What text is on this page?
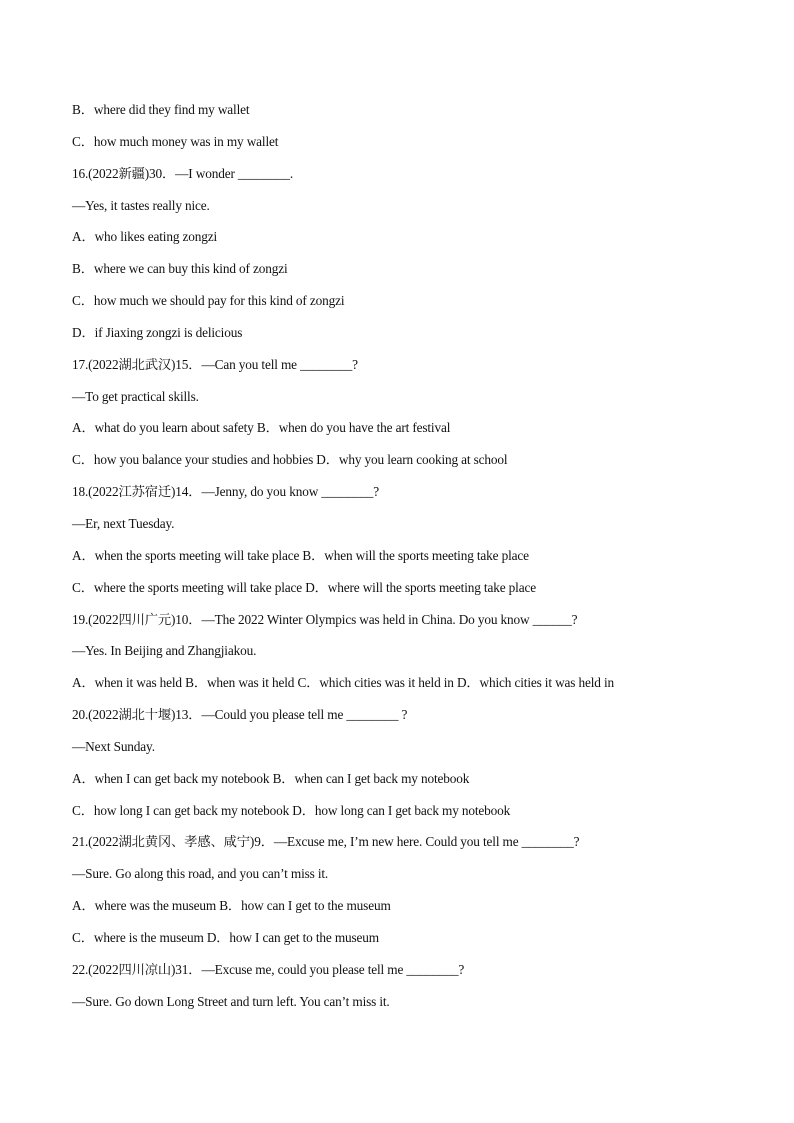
B．where did they find my wallet
C．how much money was in my wallet
16.(2022新疆)30．—I wonder ________.
—Yes, it tastes really nice.
A．who likes eating zongzi
B．where we can buy this kind of zongzi
C．how much we should pay for this kind of zongzi
D．if Jiaxing zongzi is delicious
17.(2022湖北武汉)15．—Can you tell me ________?
—To get practical skills.
A．what do you learn about safety B．when do you have the art festival
C．how you balance your studies and hobbies D．why you learn cooking at school
18.(2022江苏宿迁)14．—Jenny, do you know ________?
—Er, next Tuesday.
A．when the sports meeting will take place B．when will the sports meeting take place
C．where the sports meeting will take place D．where will the sports meeting take place
19.(2022四川广元)10．—The 2022 Winter Olympics was held in China. Do you know ______?
—Yes. In Beijing and Zhangjiakou.
A．when it was held B．when was it held C．which cities was it held in D．which cities it was held in
20.(2022湖北十堰)13．—Could you please tell me ________ ?
—Next Sunday.
A．when I can get back my notebook B．when can I get back my notebook
C．how long I can get back my notebook D．how long can I get back my notebook
21.(2022湖北黄冈、孝感、咸宁)9．—Excuse me, I’m new here. Could you tell me ________?
—Sure. Go along this road, and you can’t miss it.
A．where was the museum B．how can I get to the museum
C．where is the museum D．how I can get to the museum
22.(2022四川凉山)31．—Excuse me, could you please tell me ________?
—Sure. Go down Long Street and turn left. You can’t miss it.
